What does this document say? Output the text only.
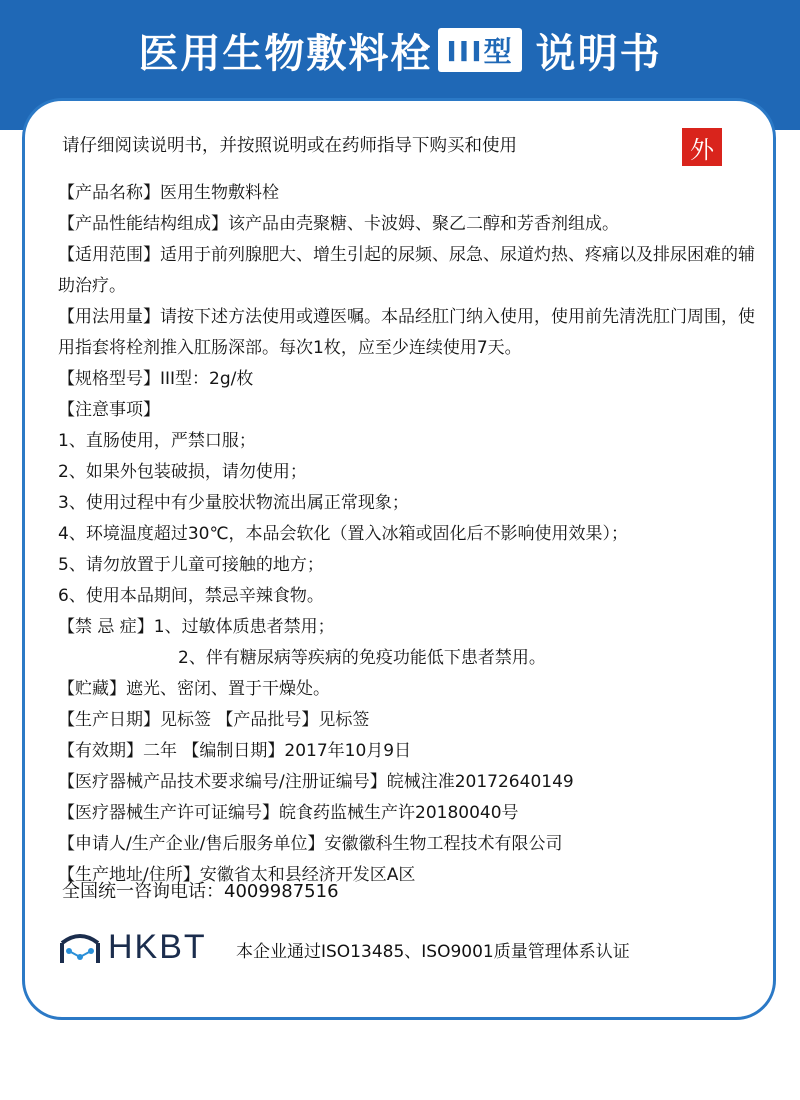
医用生物敷料栓 III型 说明书
请仔细阅读说明书，并按照说明或在药师指导下购买和使用	外

【产品名称】医用生物敷料栓

【产品性能结构组成】该产品由壳聚糖、卡波姆、聚乙二醇和芳香剂组成。

【适用范围】适用于前列腺肥大、增生引起的尿频、尿急、尿道灼热、疼痛以及排尿困难的辅助治疗。

【用法用量】请按下述方法使用或遵医嘱。本品经肛门纳入使用，使用前先清洗肛门周围，使用指套将栓剂推入肛肠深部。每次1枚，应至少连续使用7天。

【规格型号】III型：2g/枚

【注意事项】

1、直肠使用，严禁口服；

2、如果外包装破损，请勿使用；

3、使用过程中有少量胶状物流出属正常现象；

4、环境温度超过30℃，本品会软化（置入冰箱或固化后不影响使用效果）；

5、请勿放置于儿童可接触的地方；

6、使用本品期间，禁忌辛辣食物。

【禁 忌 症】1、过敏体质患者禁用；

2、伴有糖尿病等疾病的免疫功能低下患者禁用。

【贮藏】遮光、密闭、置于干燥处。

【生产日期】见标签 【产品批号】见标签

【有效期】二年 【编制日期】2017年10月9日

【医疗器械产品技术要求编号/注册证编号】皖械注准20172640149

【医疗器械生产许可证编号】皖食药监械生产许20180040号

【申请人/生产企业/售后服务单位】安徽徽科生物工程技术有限公司

【生产地址/住所】安徽省太和县经济开发区A区

全国统一咨询电话：4009987516
HKBT 本企业通过ISO13485、ISO9001质量管理体系认证
